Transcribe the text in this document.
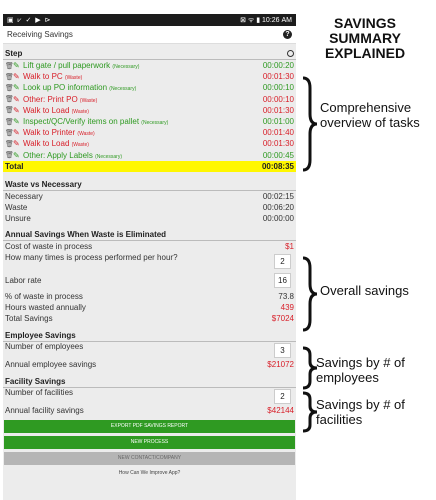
▣ ⩗ ✓ ▶ ⊳	⊠ ᯤ ▮ 10:26 AM
Receiving Savings	?
Step
🗑 ✎ Lift gate / pull paperwork (Necessary)	00:00:20
🗑 ✎ Walk to PC (Waste)	00:01:30
🗑 ✎ Look up PO information (Necessary)	00:00:10
🗑 ✎ Other: Print PO (Waste)	00:00:10
🗑 ✎ Walk to Load (Waste)	00:01:30
🗑 ✎ Inspect/QC/Verify items on pallet (Necessary)	00:01:00
🗑 ✎ Walk to Printer (Waste)	00:01:40
🗑 ✎ Walk to Load (Waste)	00:01:30
🗑 ✎ Other: Apply Labels (Necessary)	00:00:45
Total	00:08:35
Waste vs Necessary
Necessary	00:02:15
Waste	00:06:20
Unsure	00:00:00
Annual Savings When Waste is Eliminated
Cost of waste in process	$1
How many times is process performed per hour?	2
Labor rate	16
% of waste in process	73.8
Hours wasted annually	439
Total Savings	$7024
Employee Savings
Number of employees	3
Annual employee savings	$21072
Facility Savings
Number of facilities	2
Annual facility savings	$42144
EXPORT PDF SAVINGS REPORT
NEW PROCESS
NEW CONTACT/COMPANY
How Can We Improve App?
SAVINGS SUMMARY EXPLAINED
Comprehensive overview of tasks
Overall savings
Savings by # of employees
Savings by # of facilities
